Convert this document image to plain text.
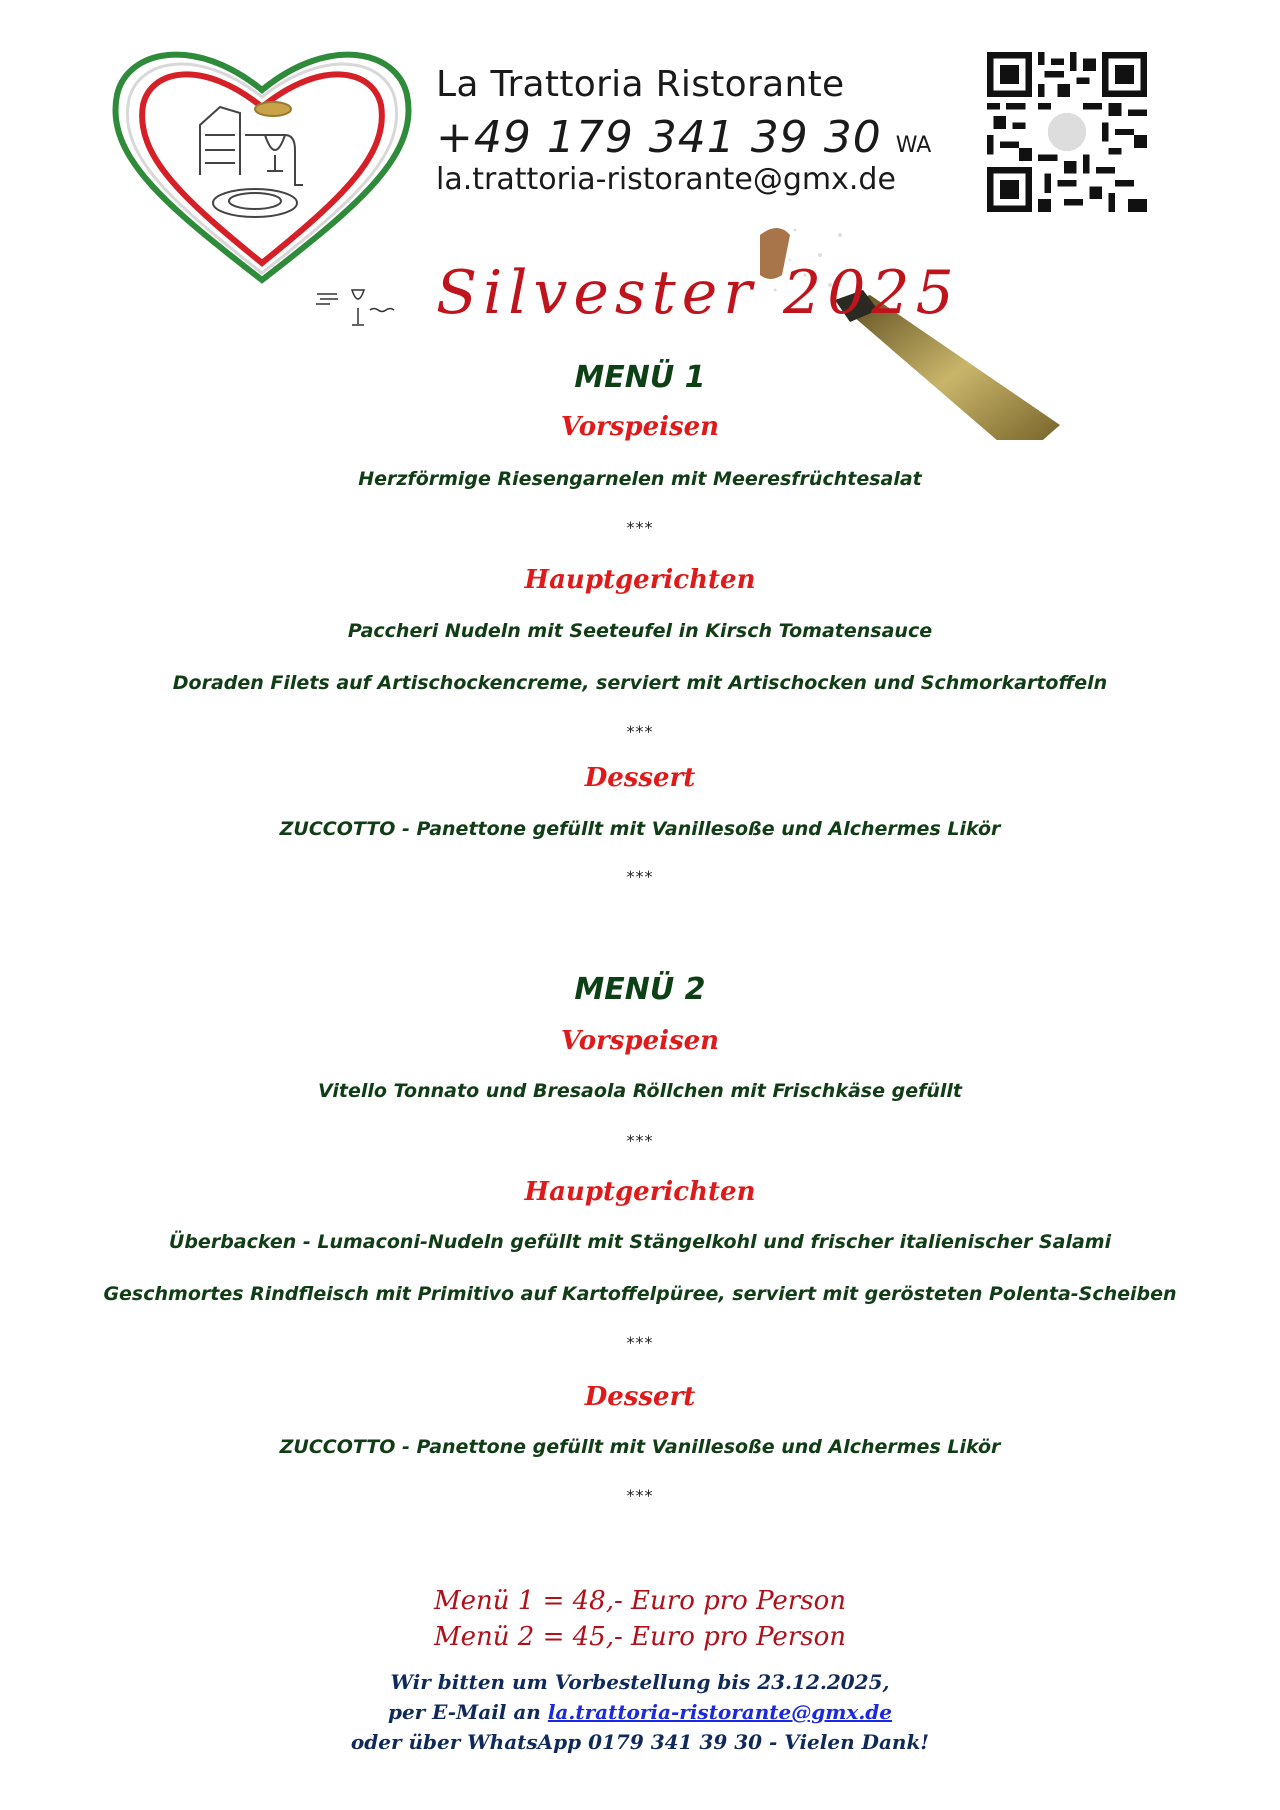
La Trattoria Ristorante
+49 179 341 39 30 WA
la.trattoria-ristorante@gmx.de
Silvester 2025
MENÜ 1
Vorspeisen
Herzförmige Riesengarnelen mit Meeresfrüchtesalat
***
Hauptgerichten
Paccheri Nudeln mit Seeteufel in Kirsch Tomatensauce
Doraden Filets auf Artischockencreme, serviert mit Artischocken und Schmorkartoffeln
***
Dessert
ZUCCOTTO - Panettone gefüllt mit Vanillesoße und Alchermes Likör
***
MENÜ 2
Vorspeisen
Vitello Tonnato und Bresaola Röllchen mit Frischkäse gefüllt
***
Hauptgerichten
Überbacken - Lumaconi-Nudeln gefüllt mit Stängelkohl und frischer italienischer Salami
Geschmortes Rindfleisch mit Primitivo auf Kartoffelpüree, serviert mit gerösteten Polenta-Scheiben
***
Dessert
ZUCCOTTO - Panettone gefüllt mit Vanillesoße und Alchermes Likör
***
Menü 1 = 48,- Euro pro Person
Menü 2 = 45,- Euro pro Person
Wir bitten um Vorbestellung bis 23.12.2025,
per E-Mail an la.trattoria-ristorante@gmx.de
oder über WhatsApp 0179 341 39 30 - Vielen Dank!
